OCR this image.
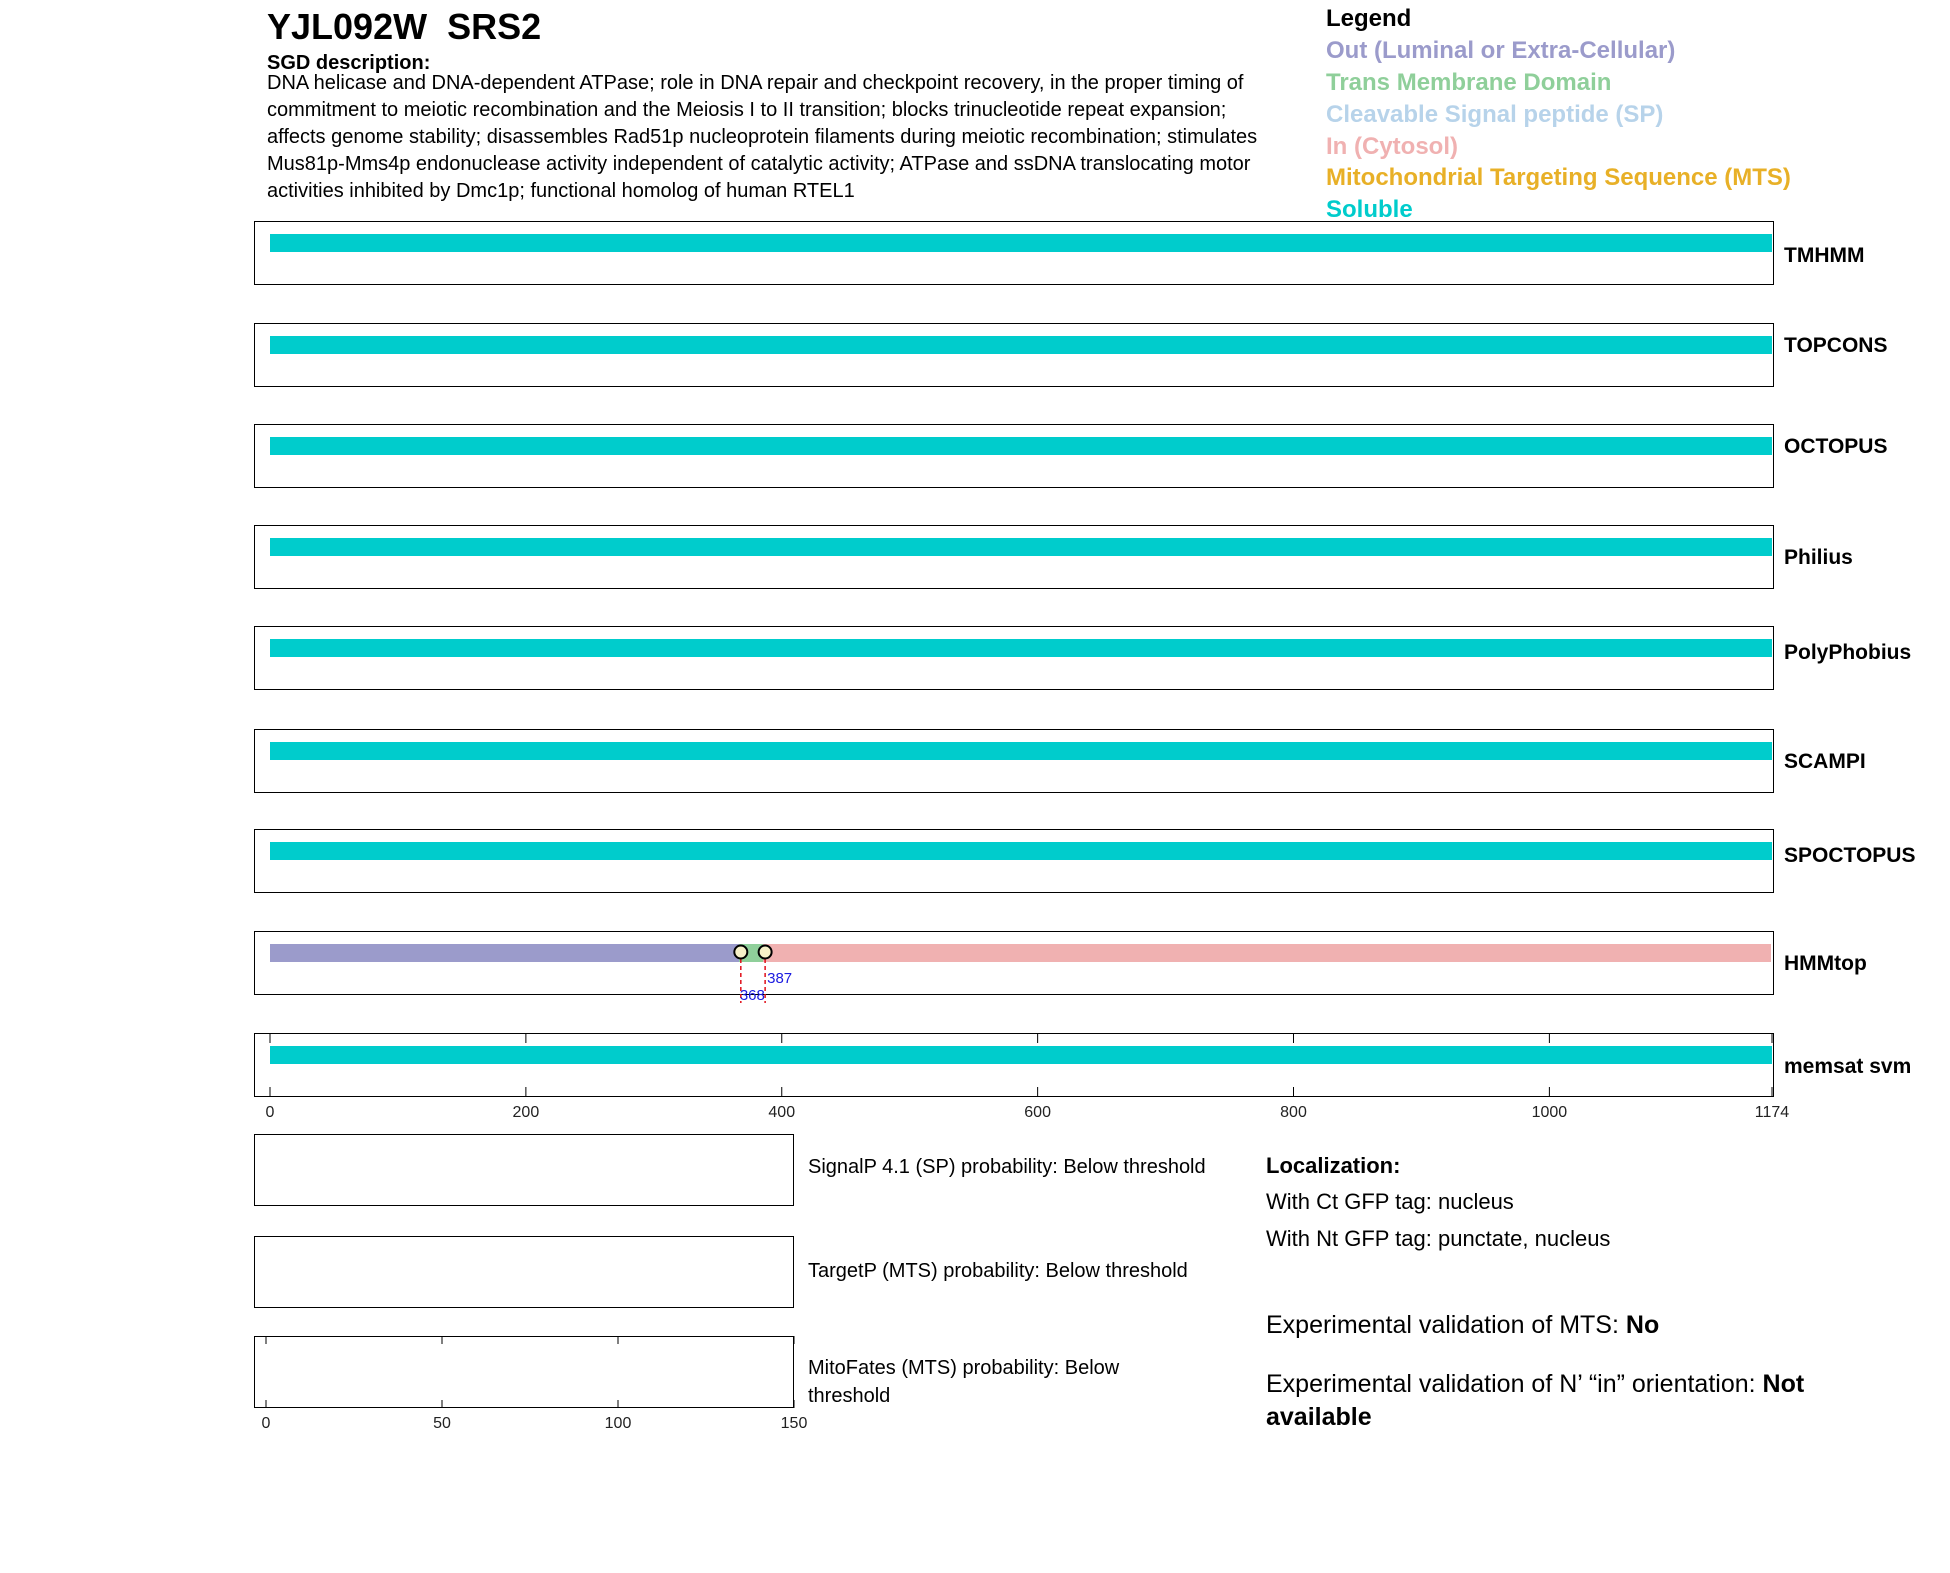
YJL092W  SRS2
SGD description:
DNA helicase and DNA-dependent ATPase; role in DNA repair and checkpoint recovery, in the proper timing of commitment to meiotic recombination and the Meiosis I to II transition; blocks trinucleotide repeat expansion; affects genome stability; disassembles Rad51p nucleoprotein filaments during meiotic recombination; stimulates Mus81p-Mms4p endonuclease activity independent of catalytic activity; ATPase and ssDNA translocating motor activities inhibited by Dmc1p; functional homolog of human RTEL1
Legend
Out (Luminal or Extra-Cellular)
Trans Membrane Domain
Cleavable Signal peptide (SP)
In (Cytosol)
Mitochondrial Targeting Sequence (MTS)
Soluble
TMHMM
TOPCONS
OCTOPUS
Philius
PolyPhobius
SCAMPI
SPOCTOPUS
HMMtop
memsat svm
368
387
0	200	400	600	800	1000	1174
0	50	100	150
SignalP 4.1 (SP) probability: Below threshold
TargetP (MTS) probability: Below threshold
MitoFates (MTS) probability: Below threshold
Localization:
With Ct GFP tag: nucleus
With Nt GFP tag: punctate, nucleus
Experimental validation of MTS: No
Experimental validation of N’ “in” orientation: Not available
